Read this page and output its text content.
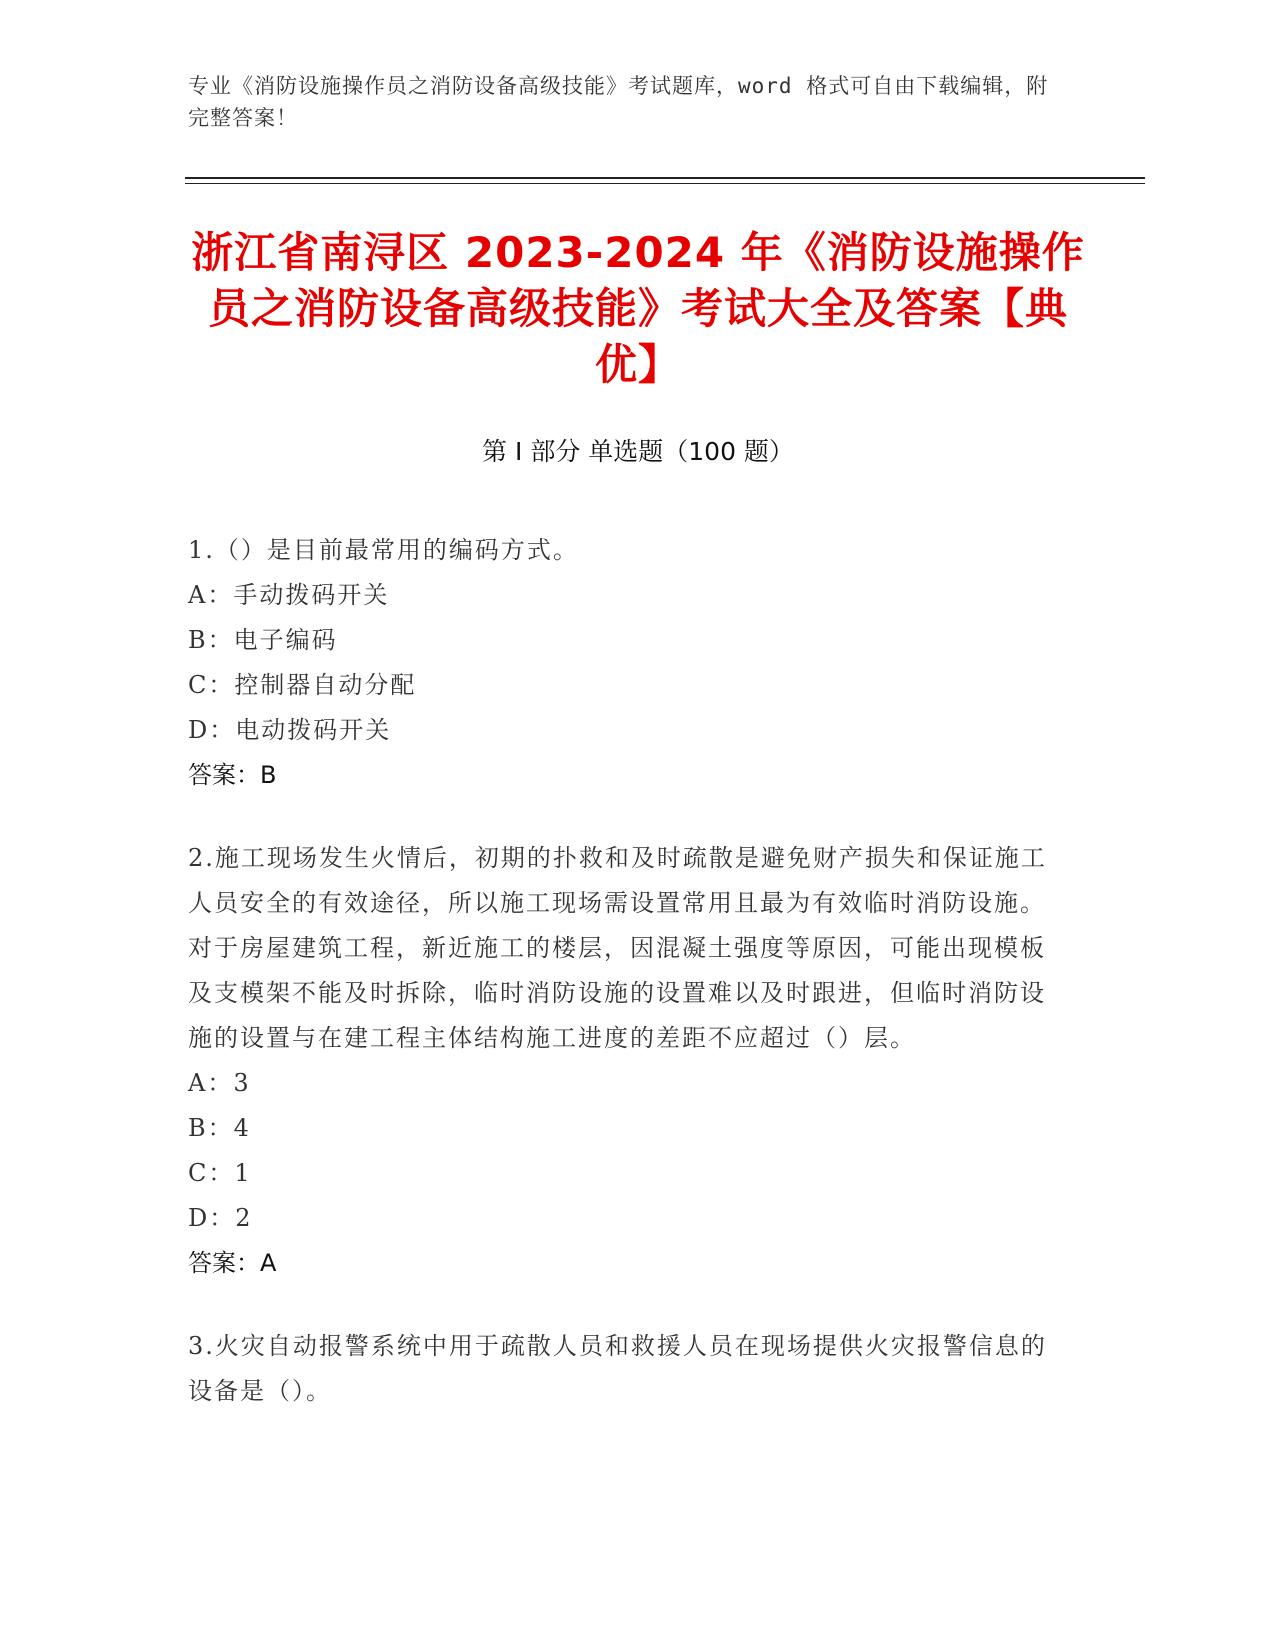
专业《消防设施操作员之消防设备高级技能》考试题库，word 格式可自由下载编辑，附完整答案！
浙江省南浔区 2023-2024 年《消防设施操作员之消防设备高级技能》考试大全及答案【典优】
第 I 部分 单选题（100 题）
1.（）是目前最常用的编码方式。
A：手动拨码开关
B：电子编码
C：控制器自动分配
D：电动拨码开关
答案：B
2.施工现场发生火情后，初期的扑救和及时疏散是避免财产损失和保证施工人员安全的有效途径，所以施工现场需设置常用且最为有效临时消防设施。对于房屋建筑工程，新近施工的楼层，因混凝土强度等原因，可能出现模板及支模架不能及时拆除，临时消防设施的设置难以及时跟进，但临时消防设施的设置与在建工程主体结构施工进度的差距不应超过（）层。
A：3
B：4
C：1
D：2
答案：A
3.火灾自动报警系统中用于疏散人员和救援人员在现场提供火灾报警信息的设备是（）。
